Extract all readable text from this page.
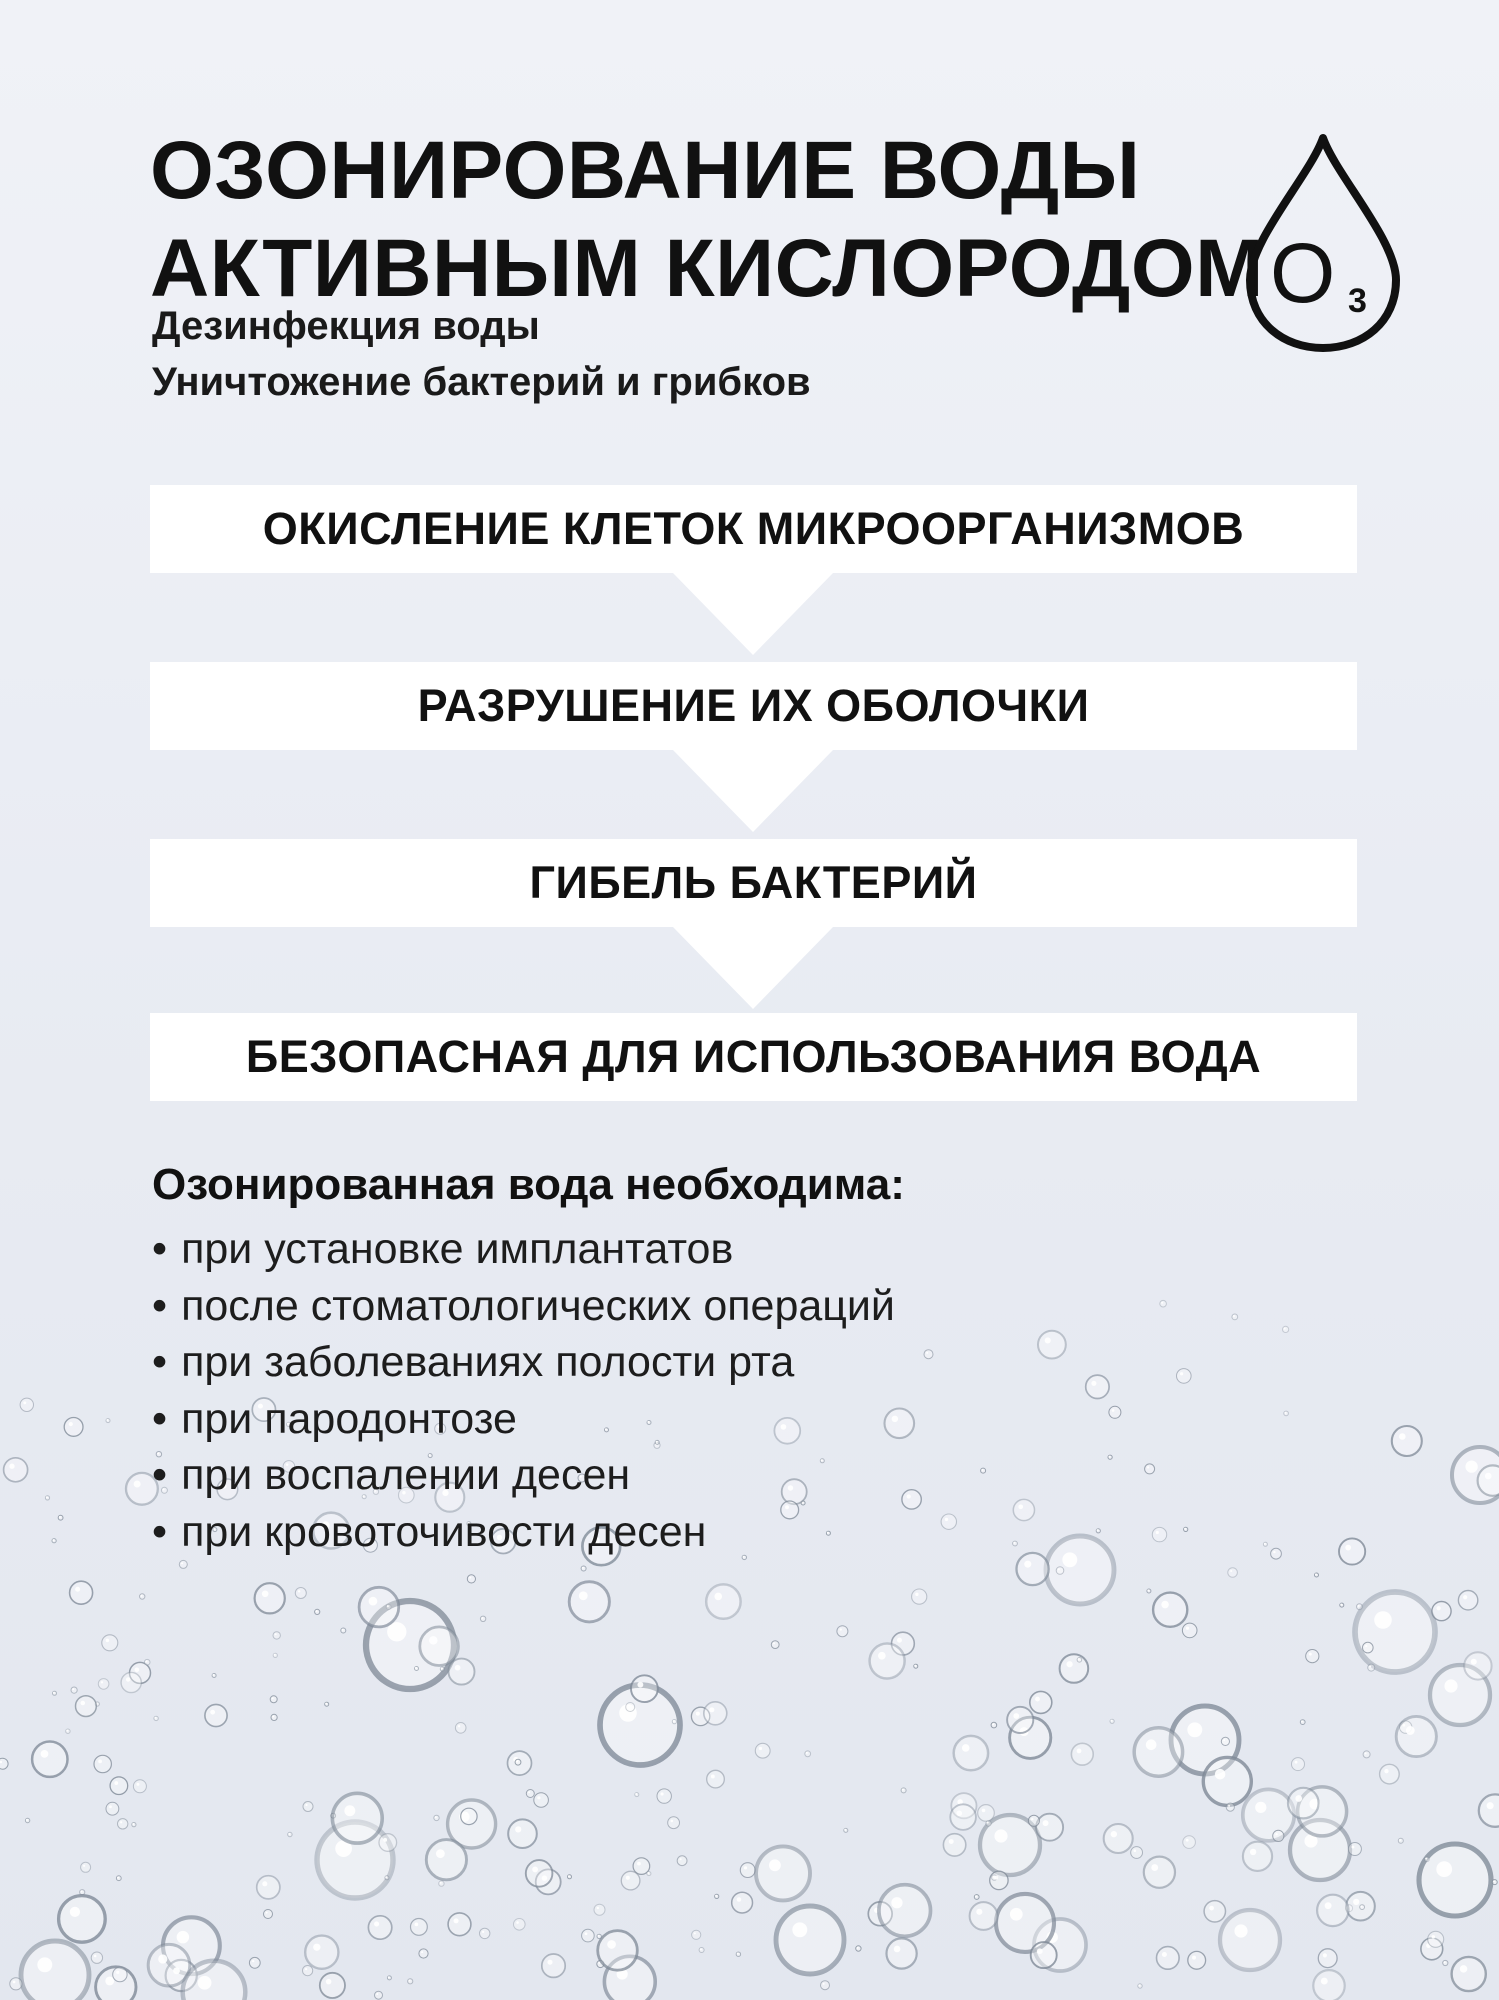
ОЗОНИРОВАНИЕ ВОДЫ
АКТИВНЫМ КИСЛОРОДОМ

Дезинфекция воды
Уничтожение бактерий и грибков

O 3
ОКИСЛЕНИЕ КЛЕТОК МИКРООРГАНИЗМОВ
РАЗРУШЕНИЕ ИХ ОБОЛОЧКИ
ГИБЕЛЬ БАКТЕРИЙ
БЕЗОПАСНАЯ ДЛЯ ИСПОЛЬЗОВАНИЯ ВОДА

Озонированная вода необходима:

• при установке имплантатов
• после стоматологических операций
• при заболеваниях полости рта
• при пародонтозе
• при воспалении десен
• при кровоточивости десен
